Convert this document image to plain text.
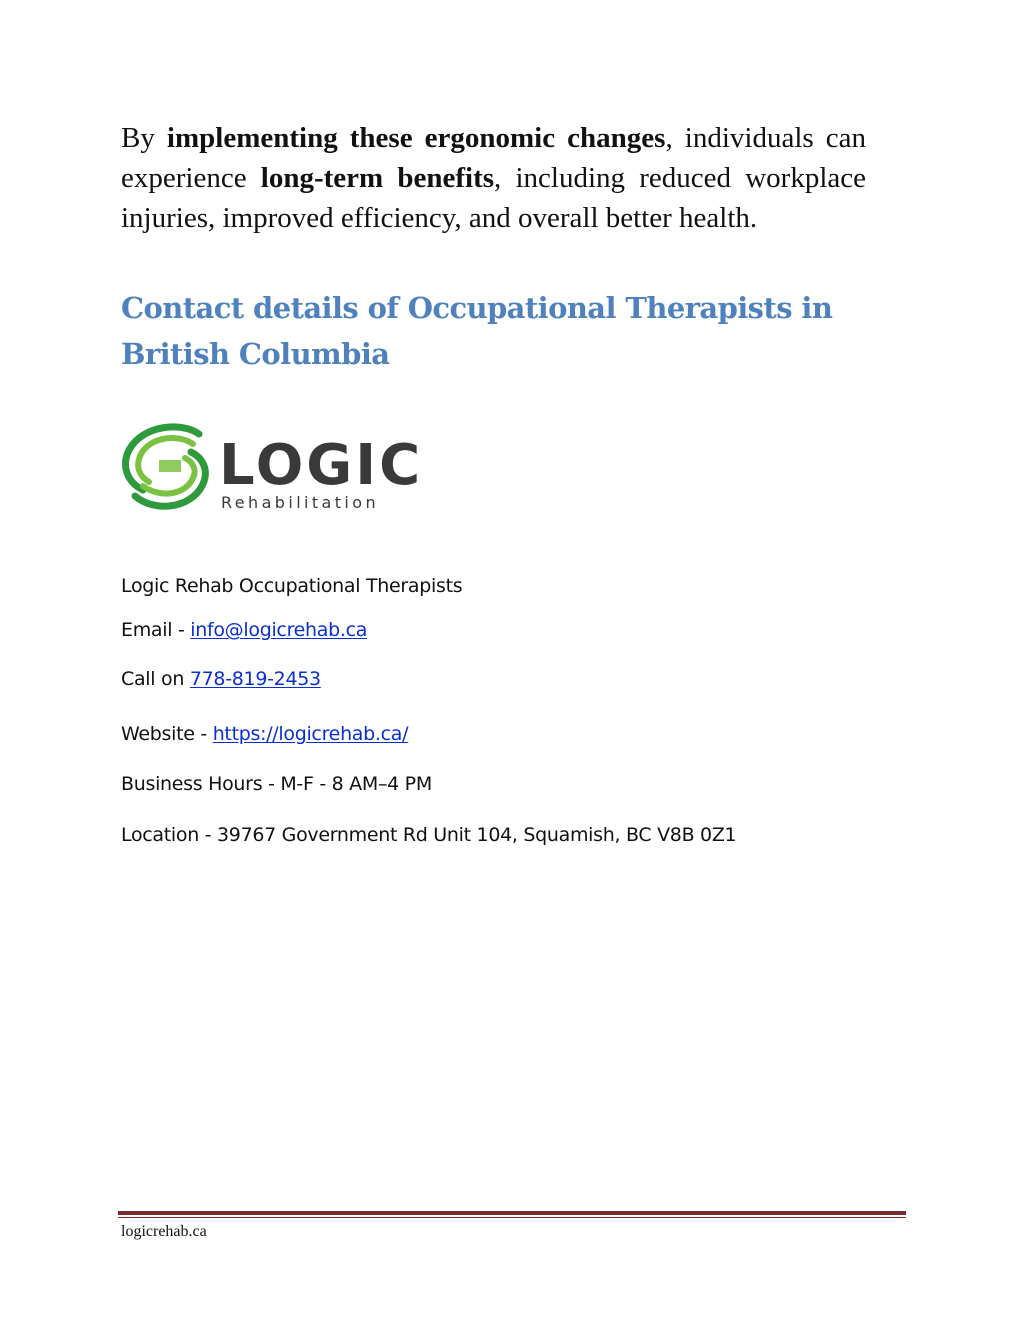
By implementing these ergonomic changes, individuals can experience long-term benefits, including reduced workplace injuries, improved efficiency, and overall better health.

Contact details of Occupational Therapists in British Columbia
LOGIC
Rehabilitation
Logic Rehab Occupational Therapists
Email - info@logicrehab.ca
Call on 778-819-2453
Website - https://logicrehab.ca/
Business Hours - M-F - 8 AM–4 PM
Location - 39767 Government Rd Unit 104, Squamish, BC V8B 0Z1
logicrehab.ca
